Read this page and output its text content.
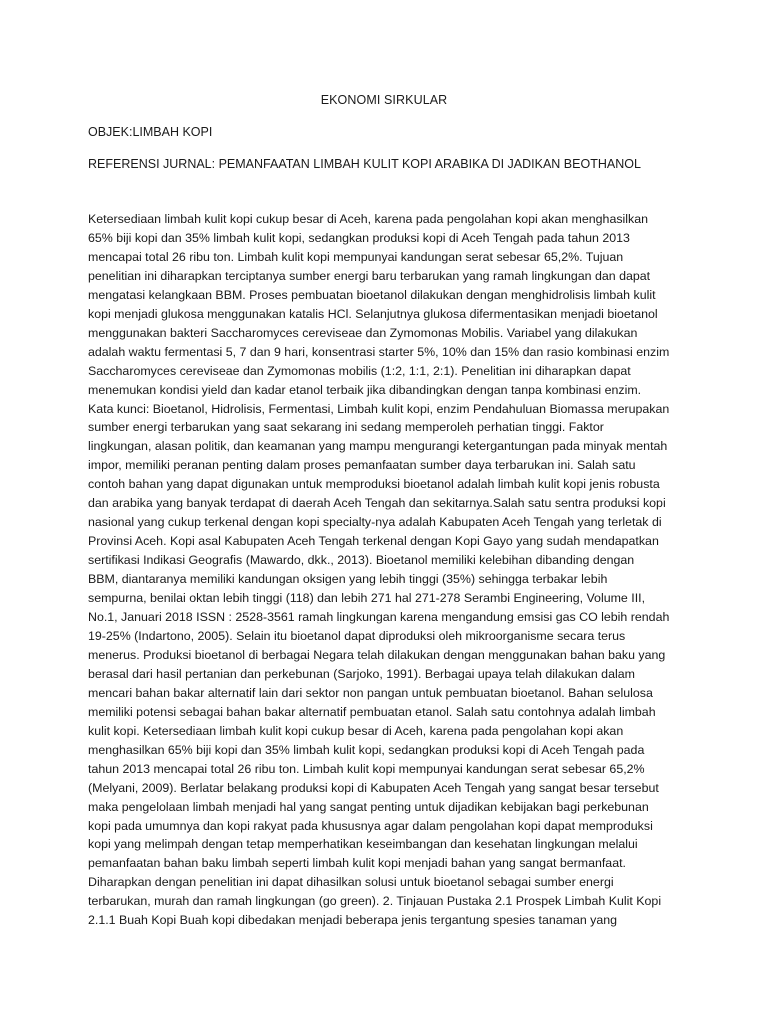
EKONOMI SIRKULAR

OBJEK:LIMBAH KOPI

REFERENSI JURNAL: PEMANFAATAN LIMBAH KULIT KOPI ARABIKA DI JADIKAN BEOTHANOL

Ketersediaan limbah kulit kopi cukup besar di Aceh, karena pada pengolahan kopi akan menghasilkan
65% biji kopi dan 35% limbah kulit kopi, sedangkan produksi kopi di Aceh Tengah pada tahun 2013
mencapai total 26 ribu ton. Limbah kulit kopi mempunyai kandungan serat sebesar 65,2%. Tujuan
penelitian ini diharapkan terciptanya sumber energi baru terbarukan yang ramah lingkungan dan dapat
mengatasi kelangkaan BBM. Proses pembuatan bioetanol dilakukan dengan menghidrolisis limbah kulit
kopi menjadi glukosa menggunakan katalis HCl. Selanjutnya glukosa difermentasikan menjadi bioetanol
menggunakan bakteri Saccharomyces cereviseae dan Zymomonas Mobilis. Variabel yang dilakukan
adalah waktu fermentasi 5, 7 dan 9 hari, konsentrasi starter 5%, 10% dan 15% dan rasio kombinasi enzim
Saccharomyces cereviseae dan Zymomonas mobilis (1:2, 1:1, 2:1). Penelitian ini diharapkan dapat
menemukan kondisi yield dan kadar etanol terbaik jika dibandingkan dengan tanpa kombinasi enzim.
Kata kunci: Bioetanol, Hidrolisis, Fermentasi, Limbah kulit kopi, enzim Pendahuluan Biomassa merupakan
sumber energi terbarukan yang saat sekarang ini sedang memperoleh perhatian tinggi. Faktor
lingkungan, alasan politik, dan keamanan yang mampu mengurangi ketergantungan pada minyak mentah
impor, memiliki peranan penting dalam proses pemanfaatan sumber daya terbarukan ini. Salah satu
contoh bahan yang dapat digunakan untuk memproduksi bioetanol adalah limbah kulit kopi jenis robusta
dan arabika yang banyak terdapat di daerah Aceh Tengah dan sekitarnya.Salah satu sentra produksi kopi
nasional yang cukup terkenal dengan kopi specialty-nya adalah Kabupaten Aceh Tengah yang terletak di
Provinsi Aceh. Kopi asal Kabupaten Aceh Tengah terkenal dengan Kopi Gayo yang sudah mendapatkan
sertifikasi Indikasi Geografis (Mawardo, dkk., 2013). Bioetanol memiliki kelebihan dibanding dengan
BBM, diantaranya memiliki kandungan oksigen yang lebih tinggi (35%) sehingga terbakar lebih
sempurna, benilai oktan lebih tinggi (118) dan lebih 271 hal 271-278 Serambi Engineering, Volume III,
No.1, Januari 2018 ISSN : 2528-3561 ramah lingkungan karena mengandung emsisi gas CO lebih rendah
19-25% (Indartono, 2005). Selain itu bioetanol dapat diproduksi oleh mikroorganisme secara terus
menerus. Produksi bioetanol di berbagai Negara telah dilakukan dengan menggunakan bahan baku yang
berasal dari hasil pertanian dan perkebunan (Sarjoko, 1991). Berbagai upaya telah dilakukan dalam
mencari bahan bakar alternatif lain dari sektor non pangan untuk pembuatan bioetanol. Bahan selulosa
memiliki potensi sebagai bahan bakar alternatif pembuatan etanol. Salah satu contohnya adalah limbah
kulit kopi. Ketersediaan limbah kulit kopi cukup besar di Aceh, karena pada pengolahan kopi akan
menghasilkan 65% biji kopi dan 35% limbah kulit kopi, sedangkan produksi kopi di Aceh Tengah pada
tahun 2013 mencapai total 26 ribu ton. Limbah kulit kopi mempunyai kandungan serat sebesar 65,2%
(Melyani, 2009). Berlatar belakang produksi kopi di Kabupaten Aceh Tengah yang sangat besar tersebut
maka pengelolaan limbah menjadi hal yang sangat penting untuk dijadikan kebijakan bagi perkebunan
kopi pada umumnya dan kopi rakyat pada khususnya agar dalam pengolahan kopi dapat memproduksi
kopi yang melimpah dengan tetap memperhatikan keseimbangan dan kesehatan lingkungan melalui
pemanfaatan bahan baku limbah seperti limbah kulit kopi menjadi bahan yang sangat bermanfaat.
Diharapkan dengan penelitian ini dapat dihasilkan solusi untuk bioetanol sebagai sumber energi
terbarukan, murah dan ramah lingkungan (go green). 2. Tinjauan Pustaka 2.1 Prospek Limbah Kulit Kopi
2.1.1 Buah Kopi Buah kopi dibedakan menjadi beberapa jenis tergantung spesies tanaman yang
